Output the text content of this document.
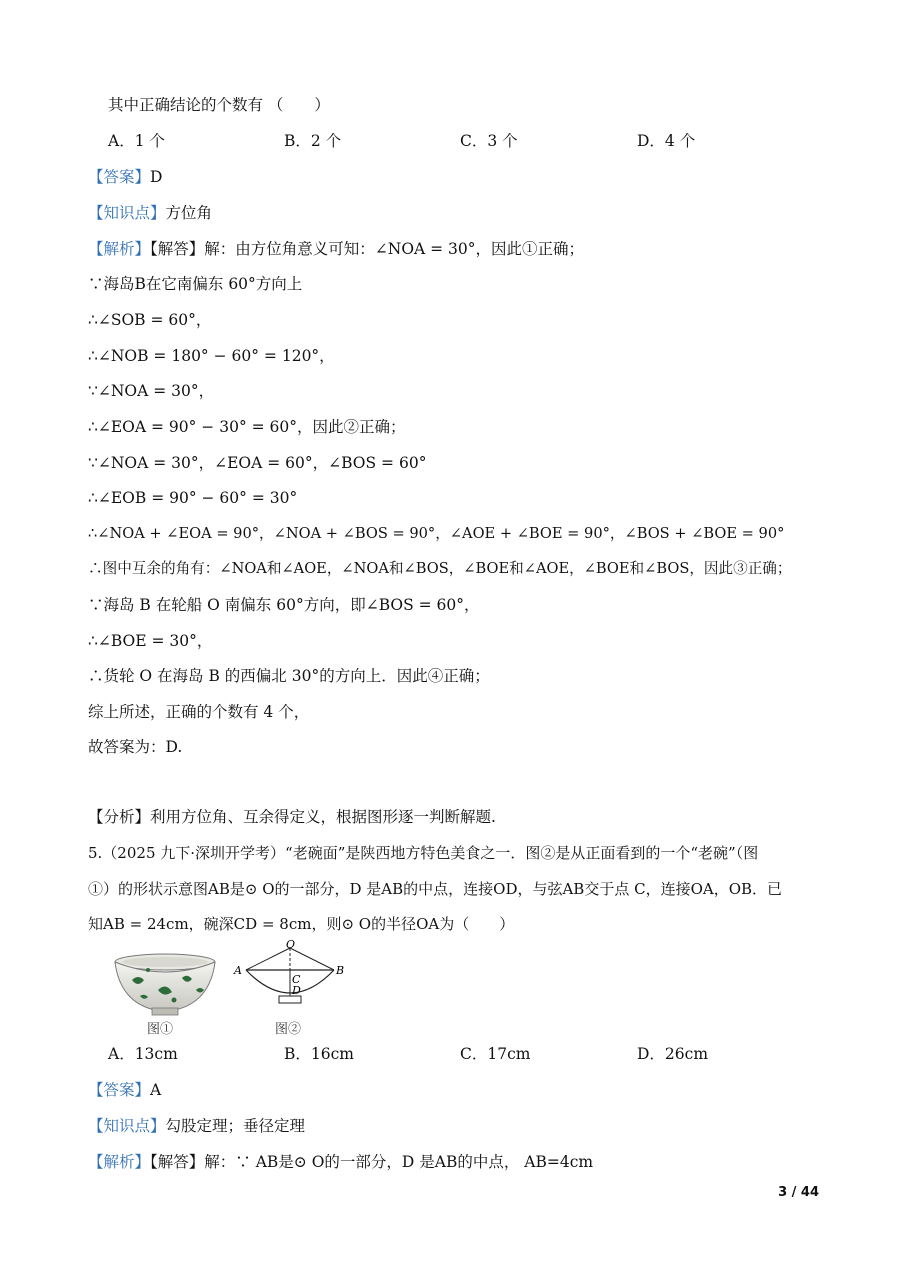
其中正确结论的个数有 （　　）
A．1 个	B．2 个	C．3 个	D．4 个
【答案】D
【知识点】方位角
【解析】【解答】解：由方位角意义可知：∠NOA = 30°，因此①正确；
∵海岛B在它南偏东 60°方向上
∴∠SOB = 60°，
∴∠NOB = 180° − 60° = 120°，
∵∠NOA = 30°，
∴∠EOA = 90° − 30° = 60°，因此②正确；
∵∠NOA = 30°，∠EOA = 60°，∠BOS = 60°
∴∠EOB = 90° − 60° = 30°
∴∠NOA + ∠EOA = 90°，∠NOA + ∠BOS = 90°，∠AOE + ∠BOE = 90°，∠BOS + ∠BOE = 90°
∴图中互余的角有：∠NOA和∠AOE，∠NOA和∠BOS，∠BOE和∠AOE，∠BOE和∠BOS，因此③正确；
∵海岛 B 在轮船 O 南偏东 60°方向，即∠BOS = 60°，
∴∠BOE = 30°，
∴货轮 O 在海岛 B 的西偏北 30°的方向上．因此④正确；
综上所述，正确的个数有 4 个，
故答案为：D.
【分析】利用方位角、互余得定义，根据图形逐一判断解题.
5.（2025 九下·深圳开学考）“老碗面”是陕西地方特色美食之一．图②是从正面看到的一个“老碗”（图
①）的形状示意图AB是⊙ O的一部分，D 是AB的中点，连接OD，与弦AB交于点 C，连接OA，OB．已
知AB = 24cm，碗深CD = 8cm，则⊙ O的半径OA为（　　）
图①
O
A	B
C
D
图②
A．13cm	B．16cm	C．17cm	D．26cm
【答案】A
【知识点】勾股定理；垂径定理
【解析】【解答】解：∵ AB是⊙ O的一部分，D 是AB的中点， AB=4cm
3 / 44
